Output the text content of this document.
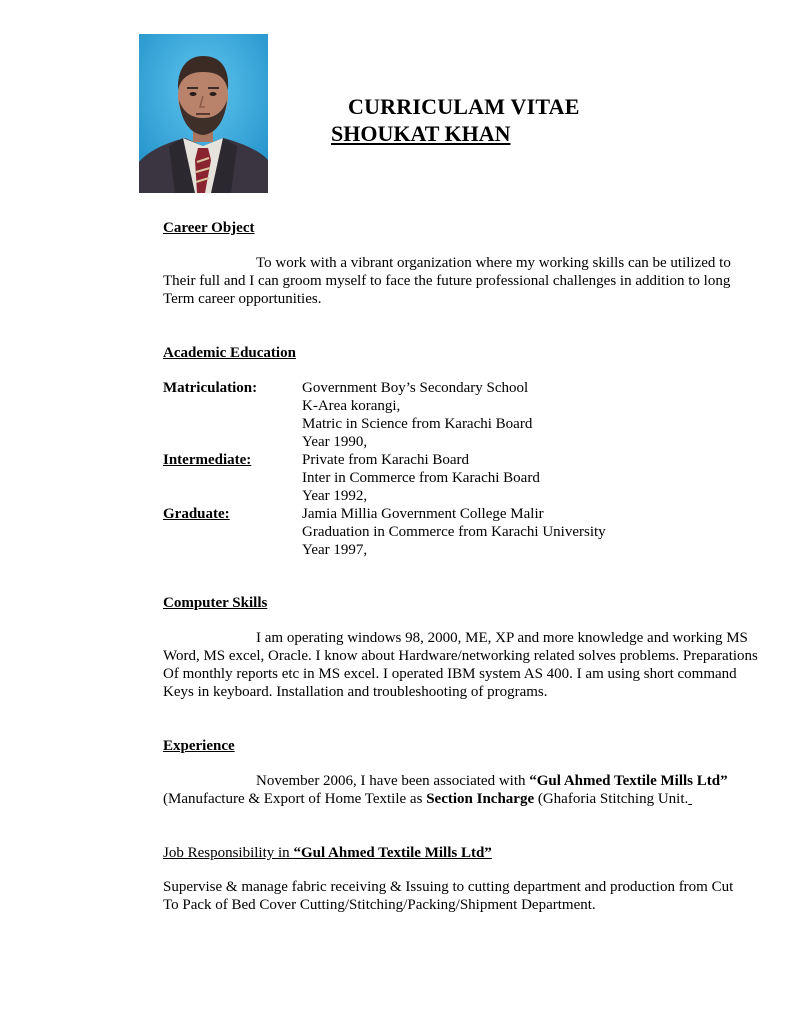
CURRICULAM VITAE
SHOUKAT KHAN
Career Object
To work with a vibrant organization where my working skills can be utilized to
Their full and I can groom myself to face the future professional challenges in addition to long
Term career opportunities.
Academic Education
Matriculation:	Government Boy’s Secondary School
K-Area korangi,
Matric in Science from Karachi Board
Year 1990,
Intermediate:	Private from Karachi Board
Inter in Commerce from Karachi Board
Year 1992,
Graduate:	Jamia Millia Government College Malir
Graduation in Commerce from Karachi University
Year 1997,
Computer Skills
I am operating windows 98, 2000, ME, XP and more knowledge and working MS
Word, MS excel, Oracle. I know about Hardware/networking related solves problems. Preparations
Of monthly reports etc in MS excel. I operated IBM system AS 400. I am using short command
Keys in keyboard. Installation and troubleshooting of programs.
Experience
November 2006, I have been associated with “Gul Ahmed Textile Mills Ltd”
(Manufacture & Export of Home Textile as Section Incharge (Ghaforia Stitching Unit.
Job Responsibility in “Gul Ahmed Textile Mills Ltd”
Supervise & manage fabric receiving & Issuing to cutting department and production from Cut
To Pack of Bed Cover Cutting/Stitching/Packing/Shipment Department.
